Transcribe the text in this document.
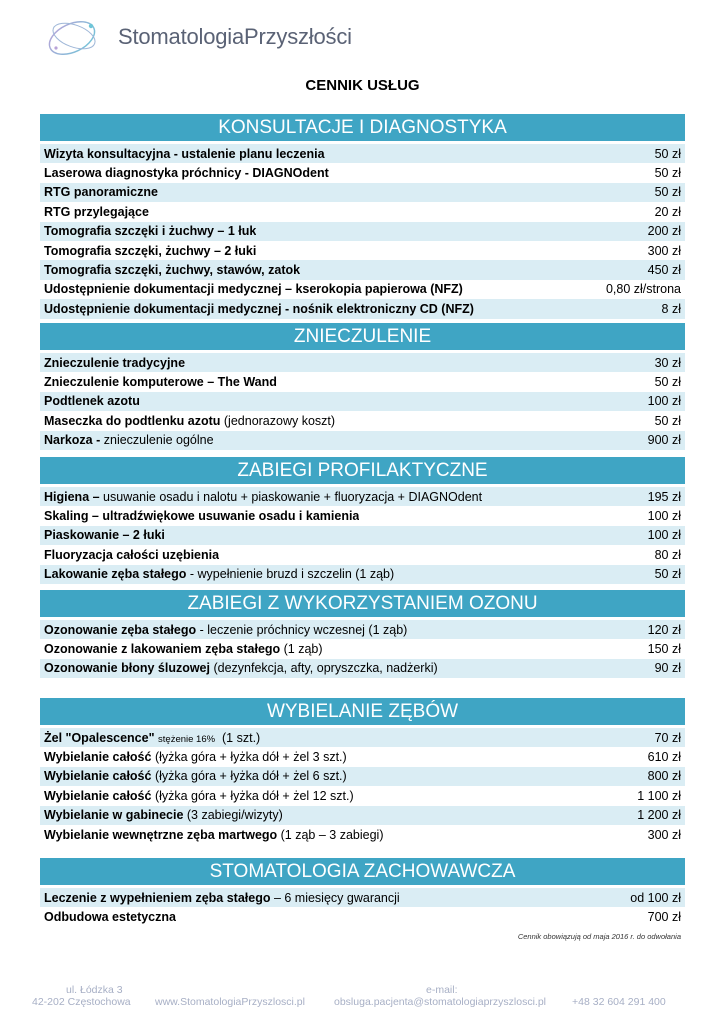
StomatologiaPrzyszłości
CENNIK USŁUG
KONSULTACJE I DIAGNOSTYKA
Wizyta konsultacyjna - ustalenie planu leczenia	50 zł
Laserowa diagnostyka próchnicy - DIAGNOdent	50 zł
RTG panoramiczne	50 zł
RTG przylegające	20 zł
Tomografia szczęki i żuchwy – 1 łuk	200 zł
Tomografia szczęki, żuchwy – 2 łuki	300 zł
Tomografia szczęki, żuchwy, stawów, zatok	450 zł
Udostępnienie dokumentacji medycznej – kserokopia papierowa (NFZ)	0,80 zł/strona
Udostępnienie dokumentacji medycznej - nośnik elektroniczny CD (NFZ)	8 zł
ZNIECZULENIE
Znieczulenie tradycyjne	30 zł
Znieczulenie komputerowe – The Wand	50 zł
Podtlenek azotu	100 zł
Maseczka do podtlenku azotu (jednorazowy koszt)	50 zł
Narkoza - znieczulenie ogólne	900 zł
ZABIEGI PROFILAKTYCZNE
Higiena – usuwanie osadu i nalotu + piaskowanie + fluoryzacja + DIAGNOdent	195 zł
Skaling – ultradźwiękowe usuwanie osadu i kamienia	100 zł
Piaskowanie – 2 łuki	100 zł
Fluoryzacja całości uzębienia	80 zł
Lakowanie zęba stałego - wypełnienie bruzd i szczelin (1 ząb)	50 zł
ZABIEGI Z WYKORZYSTANIEM OZONU
Ozonowanie zęba stałego - leczenie próchnicy wczesnej (1 ząb)	120 zł
Ozonowanie z lakowaniem zęba stałego (1 ząb)	150 zł
Ozonowanie błony śluzowej (dezynfekcja, afty, opryszczka, nadżerki)	90 zł
WYBIELANIE ZĘBÓW
Żel "Opalescence" stężenie 16%  (1 szt.)	70 zł
Wybielanie całość (łyżka góra + łyżka dół + żel 3 szt.)	610 zł
Wybielanie całość (łyżka góra + łyżka dół + żel 6 szt.)	800 zł
Wybielanie całość (łyżka góra + łyżka dół + żel 12 szt.)	1 100 zł
Wybielanie w gabinecie (3 zabiegi/wizyty)	1 200 zł
Wybielanie wewnętrzne zęba martwego (1 ząb – 3 zabiegi)	300 zł
STOMATOLOGIA ZACHOWAWCZA
Leczenie z wypełnieniem zęba stałego – 6 miesięcy gwarancji	od 100 zł
Odbudowa estetyczna	700 zł
Cennik obowiązują od maja 2016 r. do odwołania
ul. Łódzka 3
42-202 Częstochowa www.StomatologiaPrzyszlosci.pl
e-mail:
obsluga.pacjenta@stomatologiaprzyszlosci.pl +48 32 604 291 400
